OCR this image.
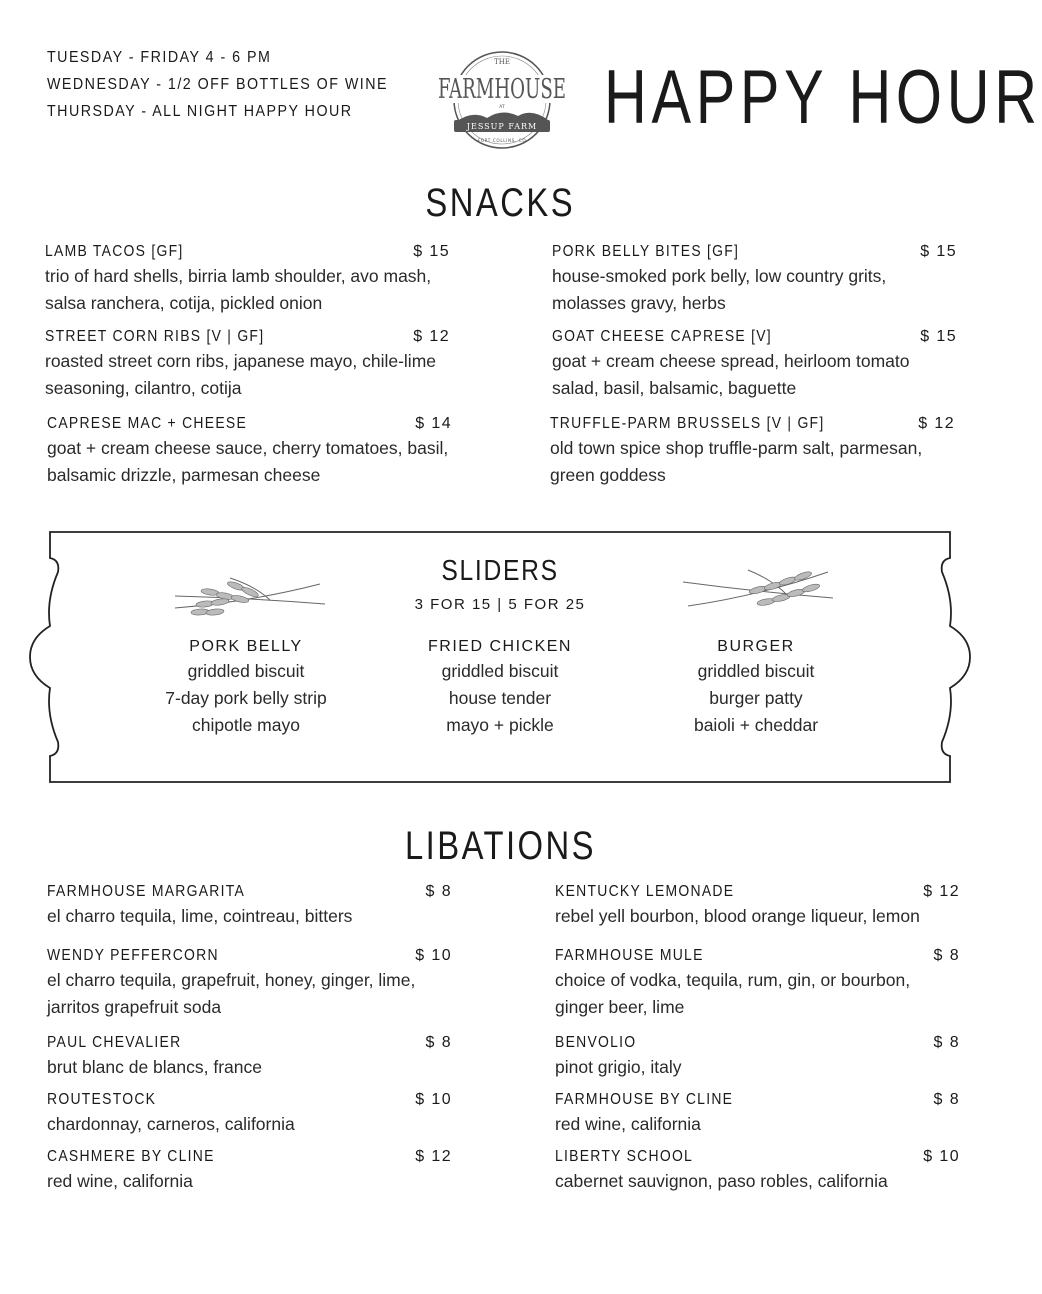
TUESDAY - FRIDAY 4 - 6 PM
WEDNESDAY - 1/2 OFF BOTTLES OF WINE
THURSDAY - ALL NIGHT HAPPY HOUR
THE
FARMHOUSE
AT
JESSUP FARM
FORT COLLINS, CO
HAPPY HOUR
SNACKS
LAMB TACOS [GF]	$ 15
trio of hard shells, birria lamb shoulder, avo mash, salsa ranchera, cotija, pickled onion
PORK BELLY BITES [GF]	$ 15
house-smoked pork belly, low country grits, molasses gravy, herbs
STREET CORN RIBS [V | GF]	$ 12
roasted street corn ribs, japanese mayo, chile-lime seasoning, cilantro, cotija
GOAT CHEESE CAPRESE [V]	$ 15
goat + cream cheese spread, heirloom tomato salad, basil, balsamic, baguette
CAPRESE MAC + CHEESE	$ 14
goat + cream cheese sauce, cherry tomatoes, basil, balsamic drizzle, parmesan cheese
TRUFFLE-PARM BRUSSELS [V | GF]	$ 12
old town spice shop truffle-parm salt, parmesan, green goddess
SLIDERS
3 FOR 15 | 5 FOR 25
PORK BELLY
griddled biscuit
7-day pork belly strip
chipotle mayo
FRIED CHICKEN
griddled biscuit
house tender
mayo + pickle
BURGER
griddled biscuit
burger patty
baioli + cheddar
LIBATIONS
FARMHOUSE MARGARITA	$ 8
el charro tequila, lime, cointreau, bitters
KENTUCKY LEMONADE	$ 12
rebel yell bourbon, blood orange liqueur, lemon
WENDY PEFFERCORN	$ 10
el charro tequila, grapefruit, honey, ginger, lime, jarritos grapefruit soda
FARMHOUSE MULE	$ 8
choice of vodka, tequila, rum, gin, or bourbon, ginger beer, lime
PAUL CHEVALIER	$ 8
brut blanc de blancs, france
BENVOLIO	$ 8
pinot grigio, italy
ROUTESTOCK	$ 10
chardonnay, carneros, california
FARMHOUSE BY CLINE	$ 8
red wine, california
CASHMERE BY CLINE	$ 12
red wine, california
LIBERTY SCHOOL	$ 10
cabernet sauvignon, paso robles, california
